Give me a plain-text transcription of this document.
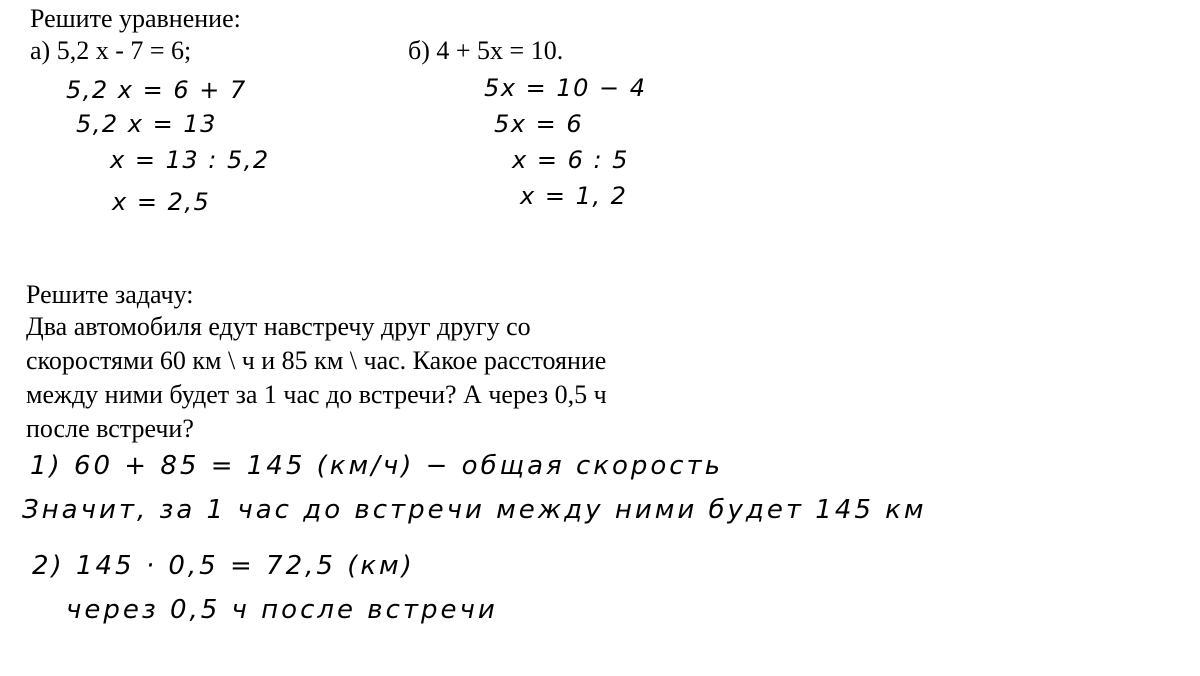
Решите уравнение:
а) 5,2 х - 7 = 6;	б) 4 + 5х = 10.
5,2 x = 6 + 7
5,2 x = 13
x = 13 : 5,2
x = 2,5
5x = 10 − 4
5x = 6
x = 6 : 5
x = 1, 2
Решите задачу:
Два автомобиля едут навстречу друг другу со
скоростями 60 км \ ч и 85 км \ час. Какое расстояние
между ними будет за 1 час до встречи? А через 0,5 ч
после встречи?
1) 60 + 85 = 145 (км/ч) − общая скорость
Значит, за 1 час до встречи между ними будет 145 км
2) 145 · 0,5 = 72,5 (км)
через 0,5 ч после встречи
